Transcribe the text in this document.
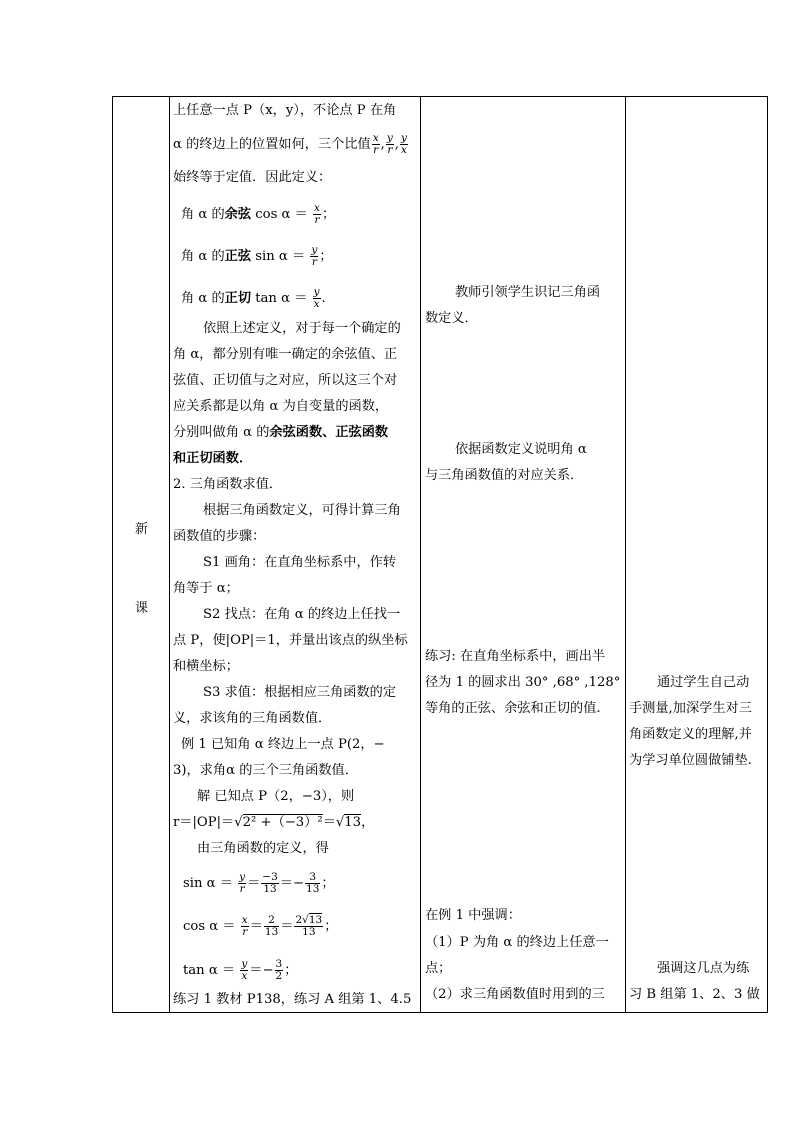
新
课
上任意一点 P（x，y），不论点 P 在角
α 的终边上的位置如何，三个比值 $\frac{x}{r}$ , $\frac{y}{r}$ , $\frac{y}{x}$
始终等于定值．因此定义：
角 α 的余弦 $\cos \alpha = \frac{x}{r}$ ；
角 α 的正弦 $\sin \alpha = \frac{y}{r}$ ；
角 α 的正切 $\tan \alpha = \frac{y}{x}$ .
依照上述定义，对于每一个确定的
角 α，都分别有唯一确定的余弦值、正
弦值、正切值与之对应，所以这三个对
应关系都是以角 α 为自变量的函数，
分别叫做角 α 的余弦函数、正弦函数
和正切函数．
2. 三角函数求值．
根据三角函数定义，可得计算三角
函数值的步骤：
S1 画角：在直角坐标系中，作转
角等于 α；
S2 找点：在角 α 的终边上任找一
点 P，使|OP|＝1，并量出该点的纵坐标
和横坐标；
S3 求值：根据相应三角函数的定
义，求该角的三角函数值．
例 1 已知角 α 终边上一点 P(2，−
3)，求角α 的三个三角函数值．
解 已知点 P（2，−3），则
r＝|OP|＝√2² +（−3）²＝√13，
由三角函数的定义，得
$\sin \alpha = \frac{y}{r} = \frac{-3}{13} =- \frac{3}{13}$ ；
$\cos \alpha = \frac{x}{r} = \frac{2}{13} = \frac{2√13}{13}$ ；
$\tan \alpha = \frac{y}{x} =- \frac{3}{2}$ ；
练习 1 教材 P138，练习 A 组第 1、4.5
教师引领学生识记三角函
数定义．
依据函数定义说明角 α
与三角函数值的对应关系．
练习: 在直角坐标系中，画出半
径为 1 的圆求出 30° ,68° ,128°
等角的正弦、余弦和正切的值.
在例 1 中强调：
（1）P 为角 α 的终边上任意一
点；
（2）求三角函数值时用到的三
通过学生自己动
手测量,加深学生对三
角函数定义的理解,并
为学习单位圆做铺垫.
强调这几点为练
习 B 组第 1、2、3 做
